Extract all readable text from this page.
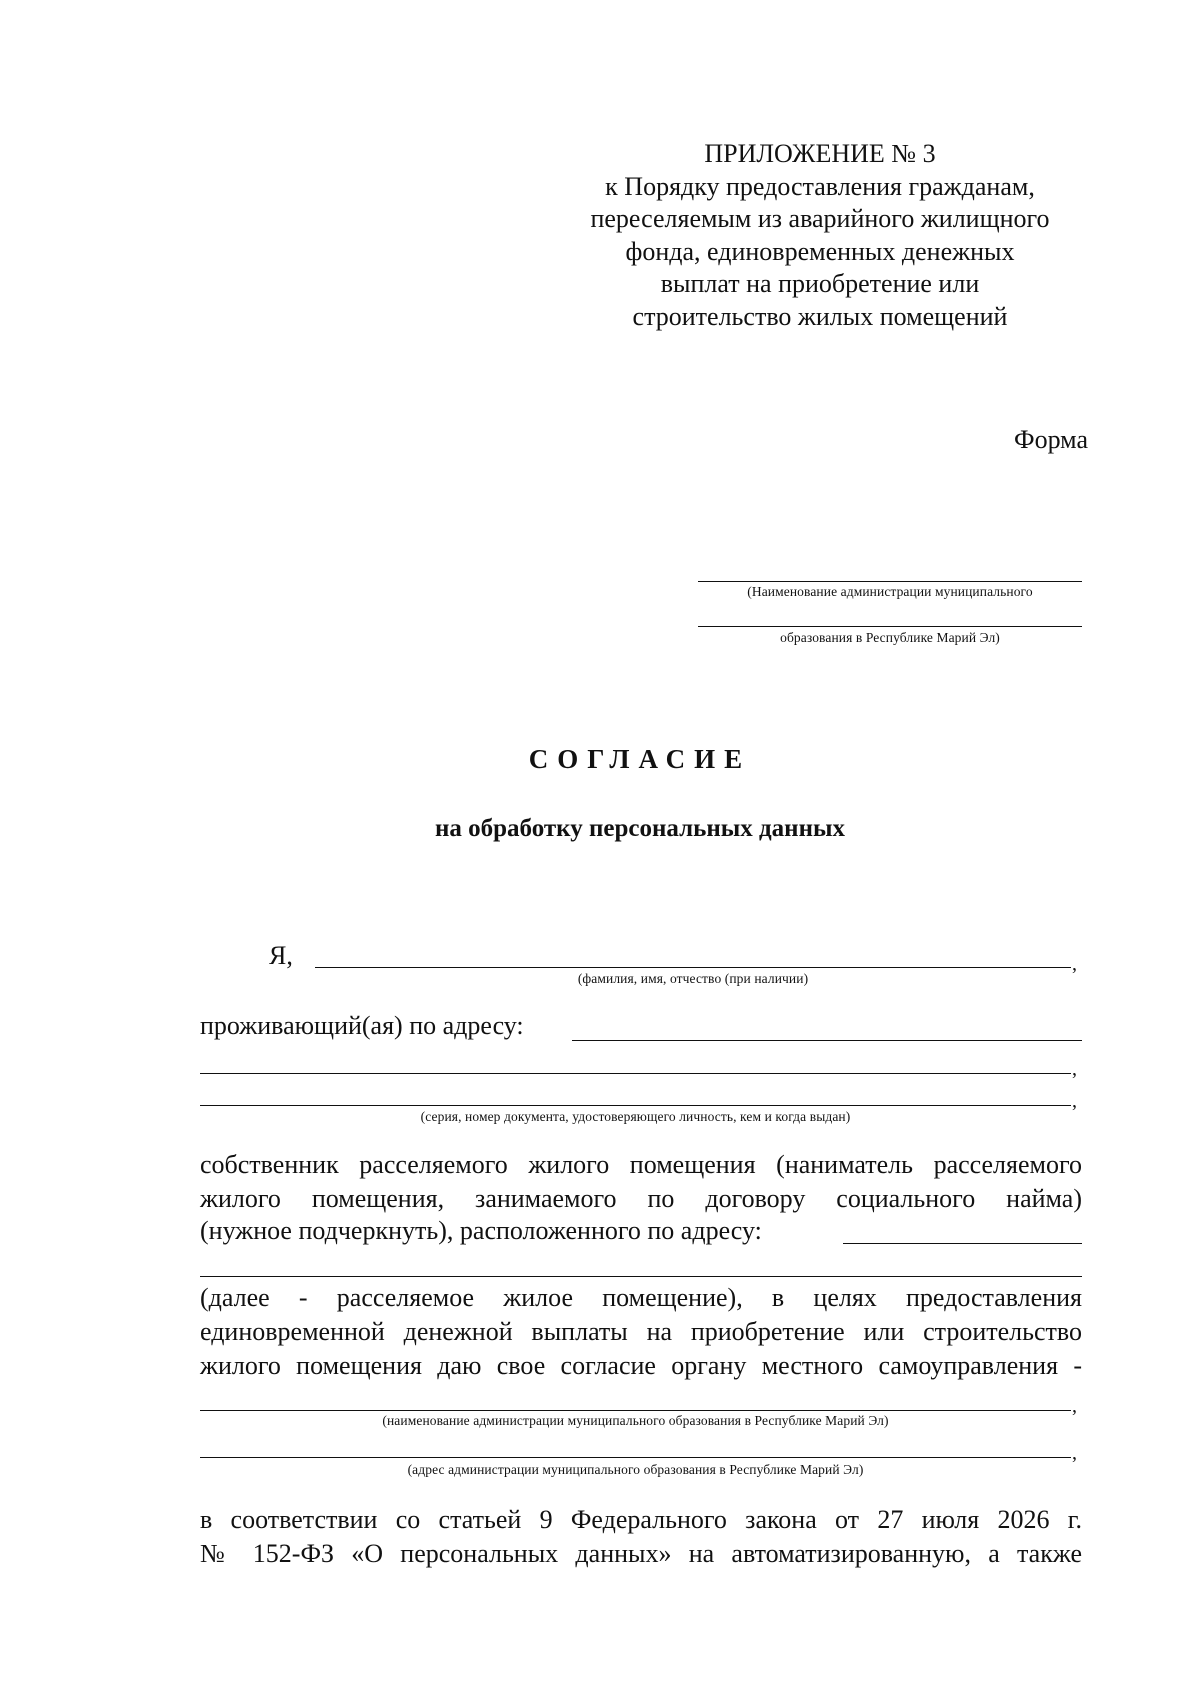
ПРИЛОЖЕНИЕ № 3
к Порядку предоставления гражданам,
переселяемым из аварийного жилищного
фонда, единовременных денежных
выплат на приобретение или
строительство жилых помещений
Форма
(Наименование администрации муниципального
образования в Республике Марий Эл)
СОГЛАСИЕ
на обработку персональных данных
Я,	,
(фамилия, имя, отчество (при наличии)
проживающий(ая) по адресу:
,
,
(серия, номер документа, удостоверяющего личность, кем и когда выдан)
собственник расселяемого жилого помещения (наниматель расселяемого
жилого помещения, занимаемого по договору социального найма)
(нужное подчеркнуть), расположенного по адресу:
(далее - расселяемое жилое помещение), в целях предоставления
единовременной денежной выплаты на приобретение или строительство
жилого помещения даю свое согласие органу местного самоуправления -
,
(наименование администрации муниципального образования в Республике Марий Эл)
,
(адрес администрации муниципального образования в Республике Марий Эл)
в соответствии со статьей 9 Федерального закона от 27 июля 2026 г.
№ 152-ФЗ «О персональных данных» на автоматизированную, а также
